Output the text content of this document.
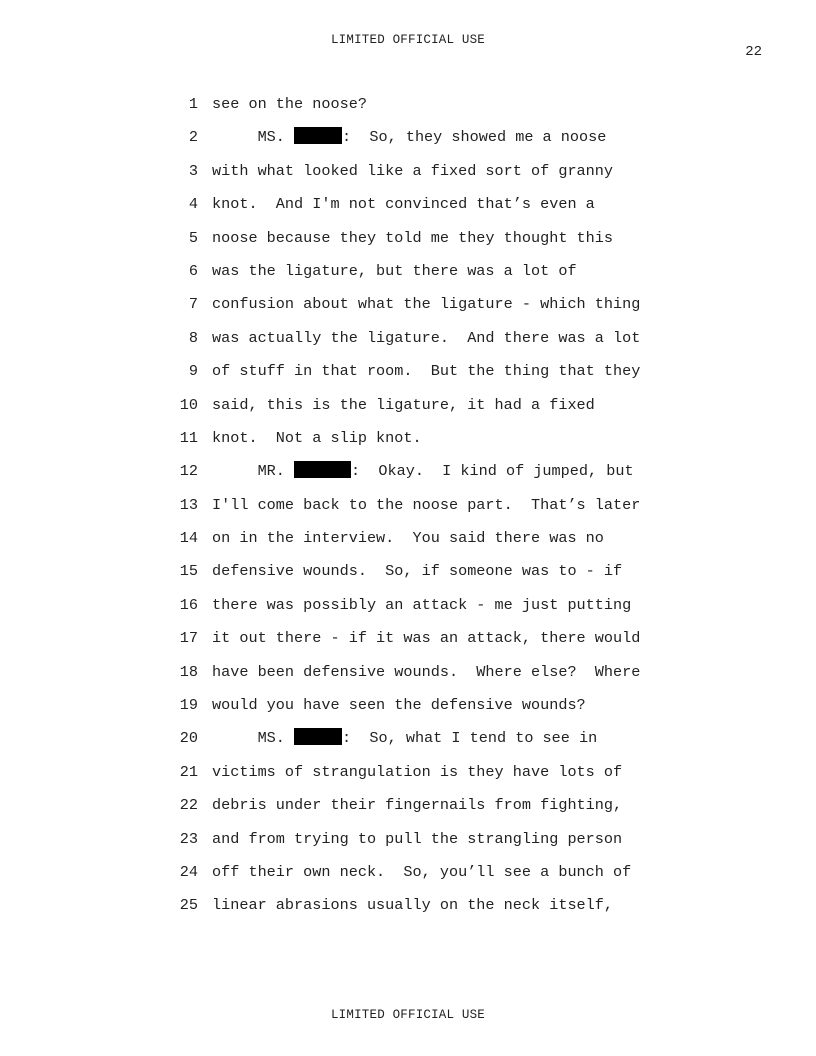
LIMITED OFFICIAL USE
22
1 see on the noose?
2 MS.	:  So, they showed me a noose
3 with what looked like a fixed sort of granny
4 knot.  And I'm not convinced that’s even a
5 noose because they told me they thought this
6 was the ligature, but there was a lot of
7 confusion about what the ligature - which thing
8 was actually the ligature.  And there was a lot
9 of stuff in that room.  But the thing that they
10 said, this is the ligature, it had a fixed
11 knot.  Not a slip knot.
12 MR.	:  Okay.  I kind of jumped, but
13 I'll come back to the noose part.  That’s later
14 on in the interview.  You said there was no
15 defensive wounds.  So, if someone was to - if
16 there was possibly an attack - me just putting
17 it out there - if it was an attack, there would
18 have been defensive wounds.  Where else?  Where
19 would you have seen the defensive wounds?
20 MS.	:  So, what I tend to see in
21 victims of strangulation is they have lots of
22 debris under their fingernails from fighting,
23 and from trying to pull the strangling person
24 off their own neck.  So, you’ll see a bunch of
25 linear abrasions usually on the neck itself,
LIMITED OFFICIAL USE
